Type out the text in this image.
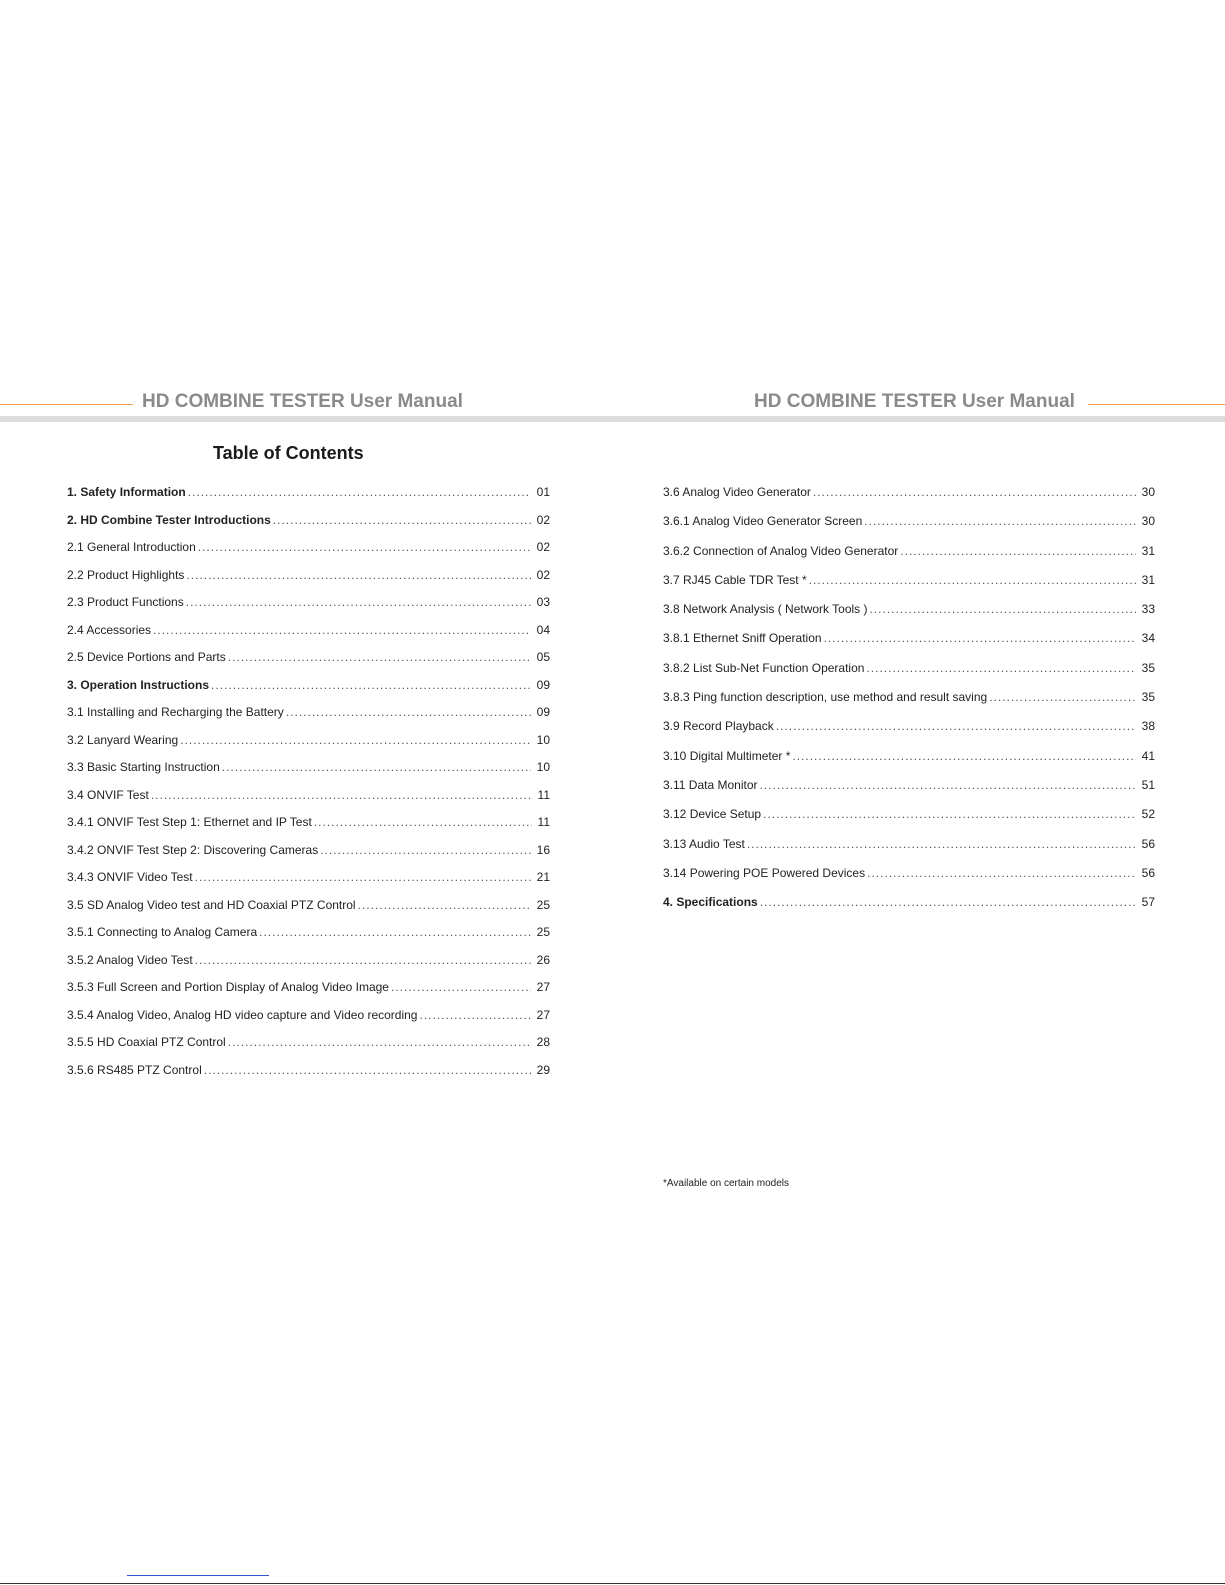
HD COMBINE TESTER User Manual	HD COMBINE TESTER User Manual
Table of Contents
1. Safety Information .....	01
2. HD Combine Tester Introductions .....	02
2.1 General Introduction .....	02
2.2 Product Highlights .....	02
2.3 Product Functions .....	03
2.4 Accessories .....	04
2.5 Device Portions and Parts .....	05
3. Operation Instructions .....	09
3.1 Installing and Recharging the Battery .....	09
3.2 Lanyard Wearing .....	10
3.3 Basic Starting Instruction .....	10
3.4 ONVIF Test .....	11
3.4.1 ONVIF Test Step 1: Ethernet and IP Test .....	11
3.4.2 ONVIF Test Step 2: Discovering Cameras .....	16
3.4.3 ONVIF Video Test .....	21
3.5 SD Analog Video test and HD Coaxial PTZ Control .....	25
3.5.1 Connecting to Analog Camera .....	25
3.5.2 Analog Video Test .....	26
3.5.3 Full Screen and Portion Display of Analog Video Image .....	27
3.5.4 Analog Video, Analog HD video capture and Video recording .....	27
3.5.5 HD Coaxial PTZ Control .....	28
3.5.6 RS485 PTZ Control .....	29
3.6 Analog Video Generator .....	30
3.6.1 Analog Video Generator Screen .....	30
3.6.2 Connection of Analog Video Generator .....	31
3.7 RJ45 Cable TDR Test * .....	31
3.8 Network Analysis ( Network Tools ) .....	33
3.8.1 Ethernet Sniff Operation .....	34
3.8.2 List Sub-Net Function Operation .....	35
3.8.3 Ping function description, use method and result saving .....	35
3.9 Record Playback .....	38
3.10 Digital Multimeter * .....	41
3.11 Data Monitor .....	51
3.12 Device Setup .....	52
3.13 Audio Test .....	56
3.14 Powering POE Powered Devices .....	56
4. Specifications .....	57
*Available on certain models
